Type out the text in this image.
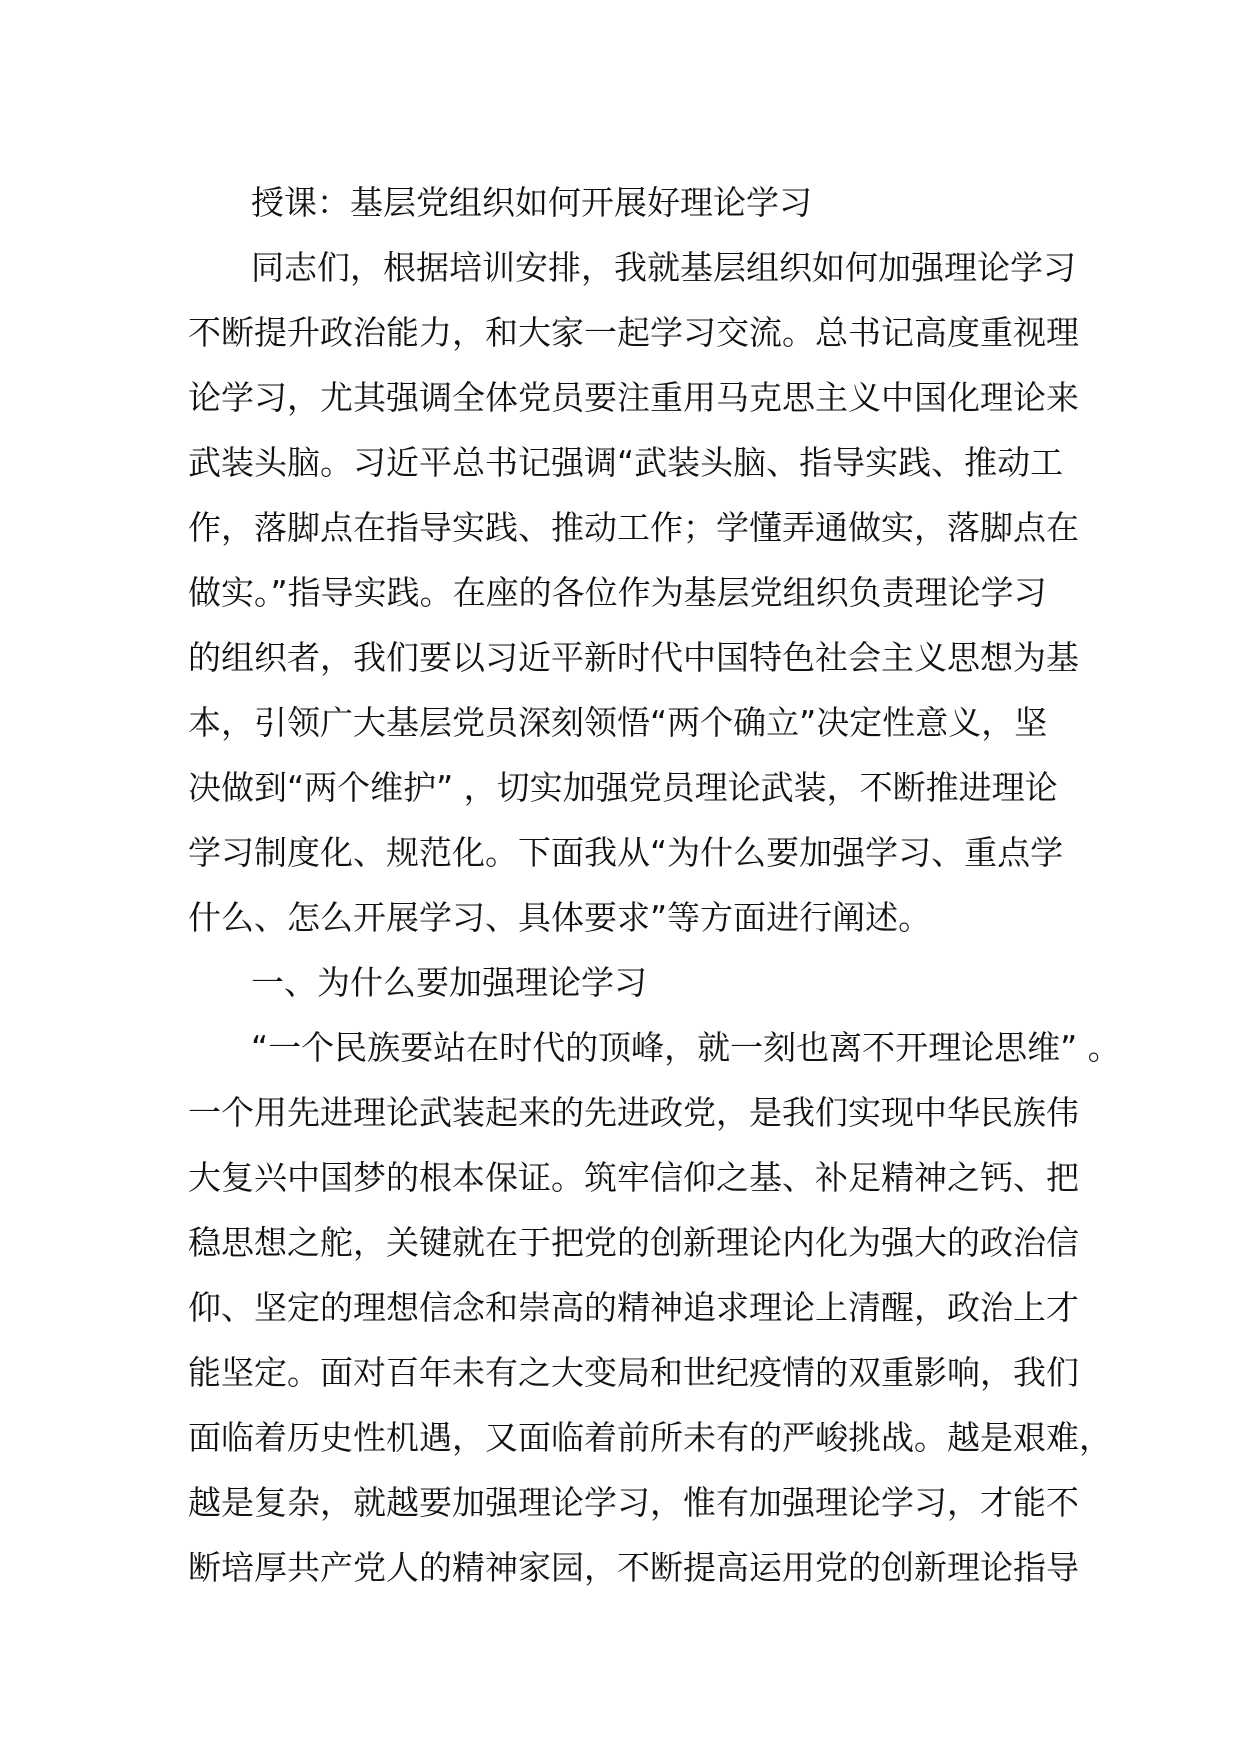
授课：基层党组织如何开展好理论学习
同志们，根据培训安排，我就基层组织如何加强理论学习
不断提升政治能力，和大家一起学习交流。总书记高度重视理
论学习，尤其强调全体党员要注重用马克思主义中国化理论来
武装头脑。习近平总书记强调“武装头脑、指导实践、推动工
作，落脚点在指导实践、推动工作；学懂弄通做实，落脚点在
做实。”指导实践。在座的各位作为基层党组织负责理论学习
的组织者，我们要以习近平新时代中国特色社会主义思想为基
本，引领广大基层党员深刻领悟“两个确立”决定性意义，坚
决做到“两个维护” ，切实加强党员理论武装，不断推进理论
学习制度化、规范化。下面我从“为什么要加强学习、重点学
什么、怎么开展学习、具体要求”等方面进行阐述。
一、为什么要加强理论学习
“一个民族要站在时代的顶峰，就一刻也离不开理论思维” 。
一个用先进理论武装起来的先进政党，是我们实现中华民族伟
大复兴中国梦的根本保证。筑牢信仰之基、补足精神之钙、把
稳思想之舵，关键就在于把党的创新理论内化为强大的政治信
仰、坚定的理想信念和崇高的精神追求理论上清醒，政治上才
能坚定。面对百年未有之大变局和世纪疫情的双重影响，我们
面临着历史性机遇，又面临着前所未有的严峻挑战。越是艰难，
越是复杂，就越要加强理论学习，惟有加强理论学习，才能不
断培厚共产党人的精神家园，不断提高运用党的创新理论指导
